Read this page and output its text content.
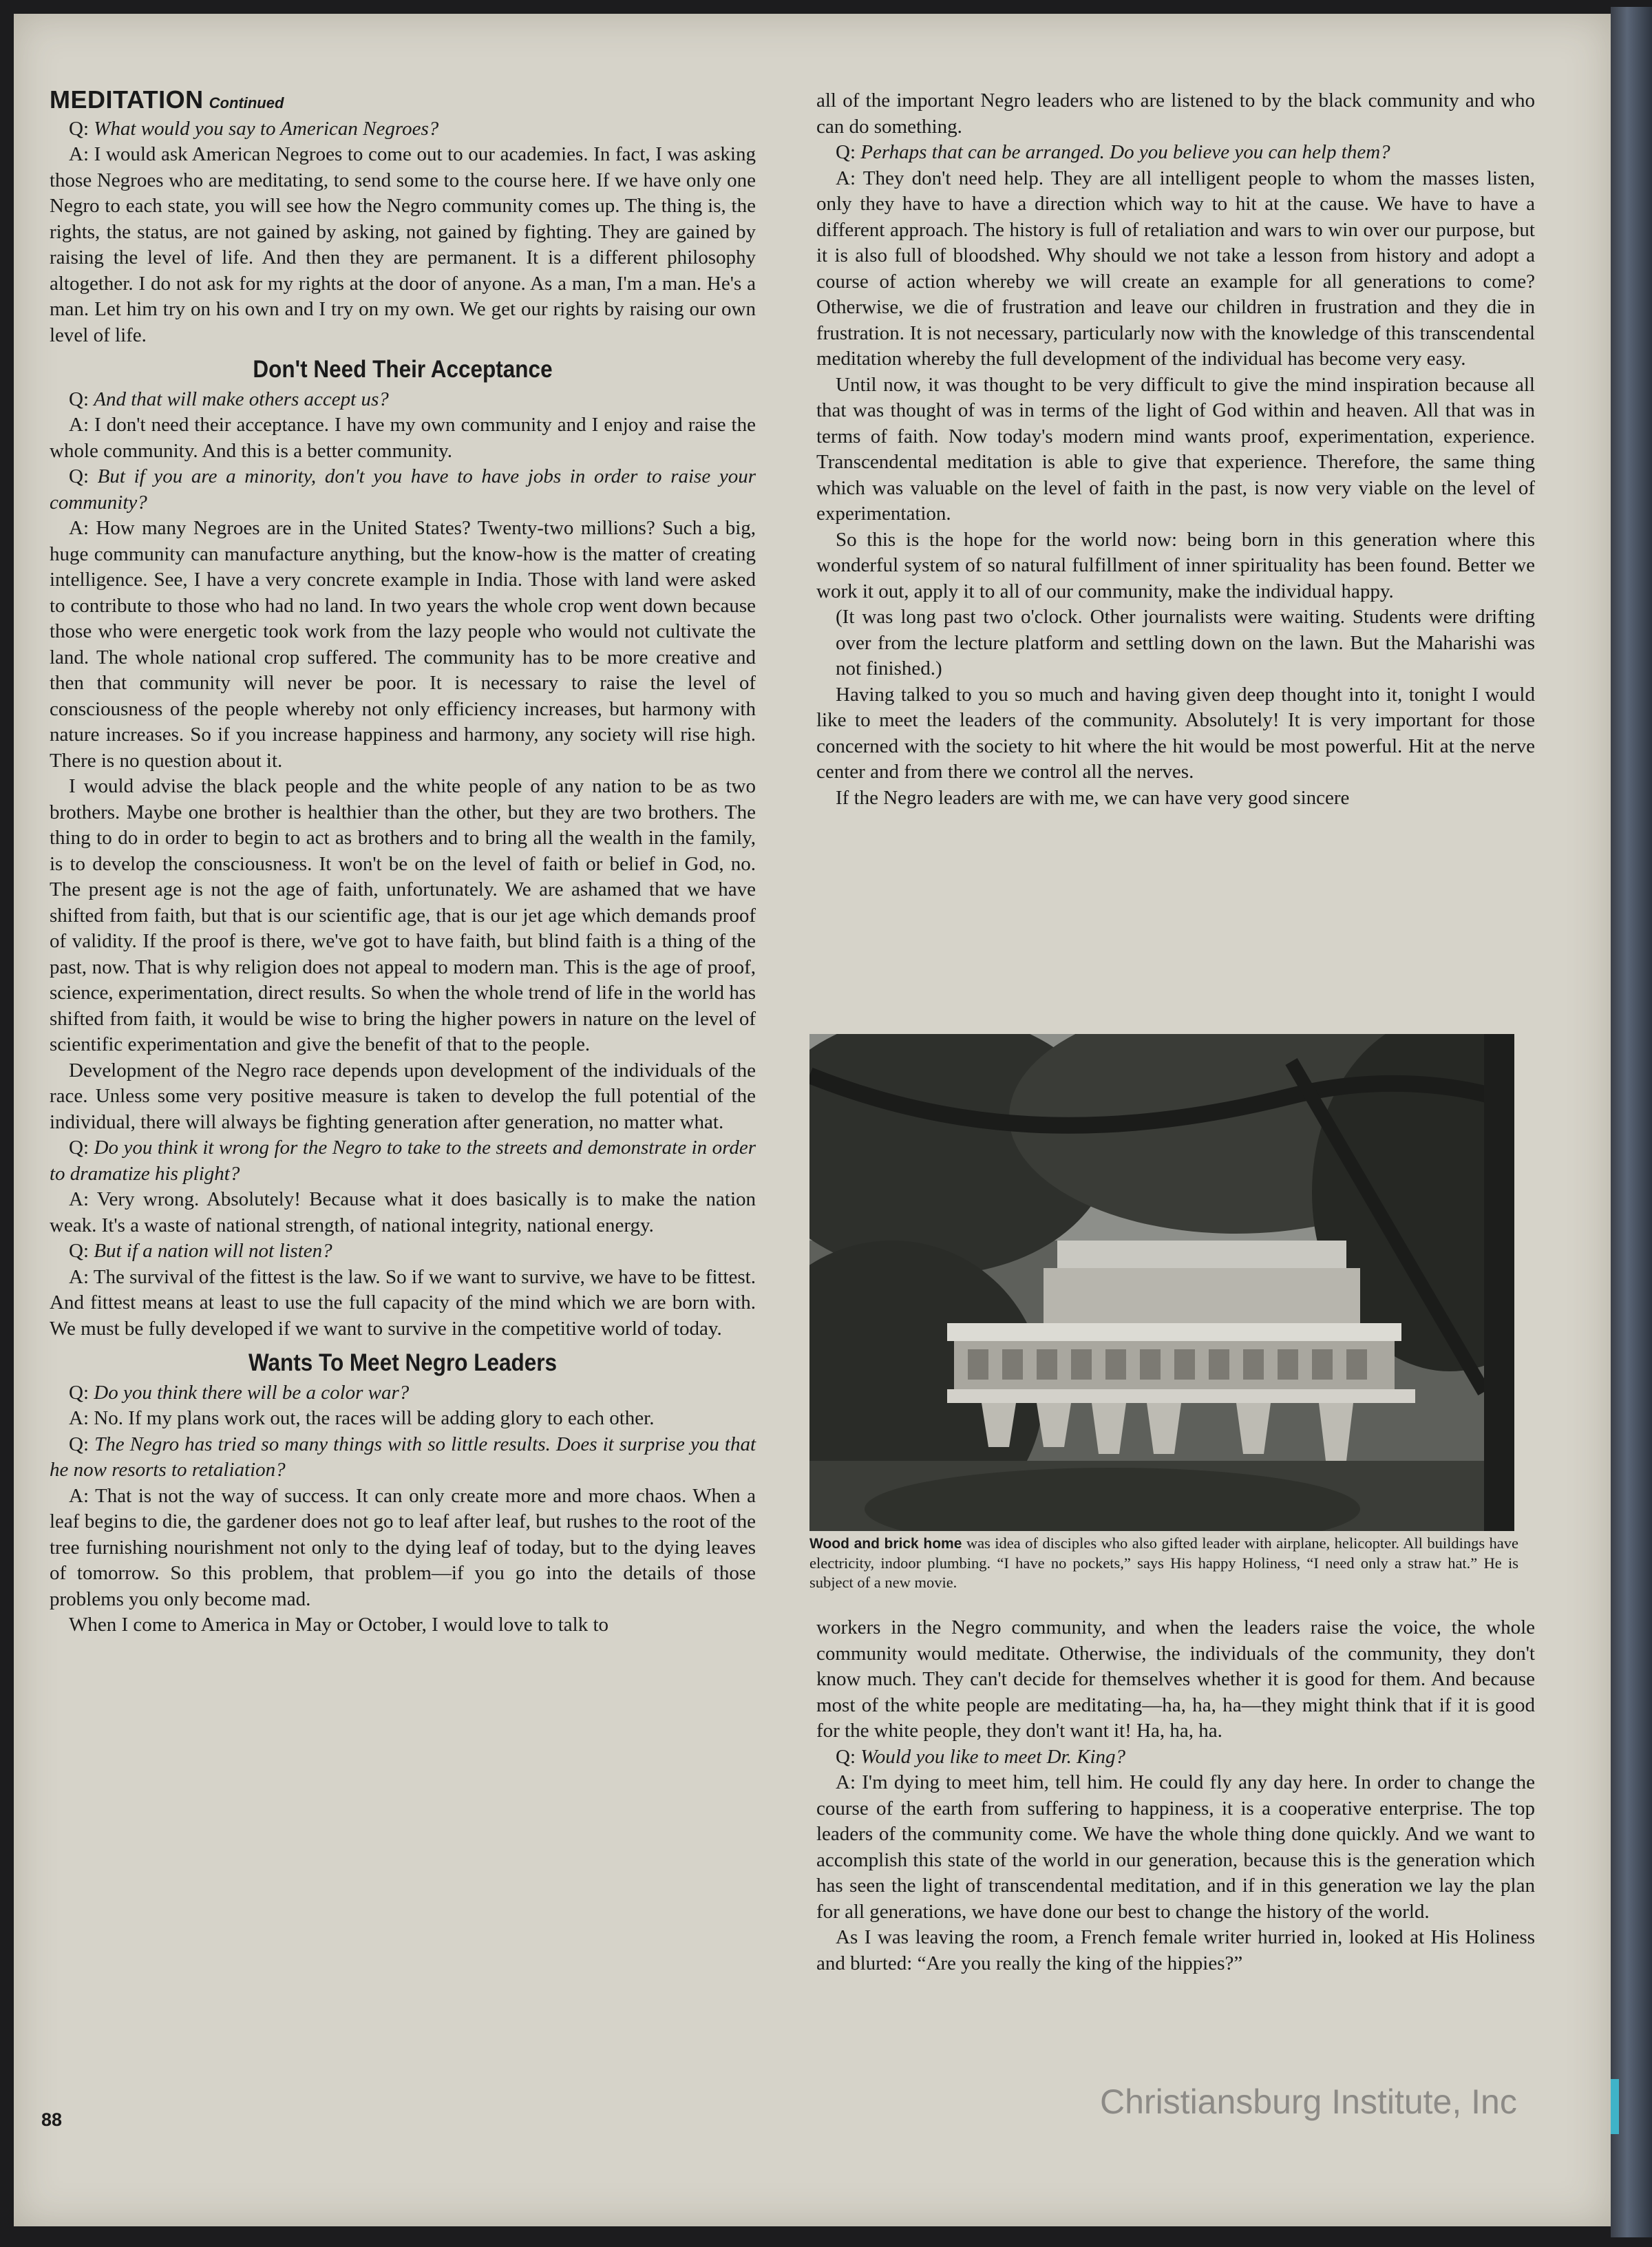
MEDITATION Continued

Q: What would you say to American Negroes?

A: I would ask American Negroes to come out to our academies. In fact, I was asking those Negroes who are meditating, to send some to the course here. If we have only one Negro to each state, you will see how the Negro community comes up. The thing is, the rights, the status, are not gained by asking, not gained by fighting. They are gained by raising the level of life. And then they are permanent. It is a different philosophy altogether. I do not ask for my rights at the door of anyone. As a man, I'm a man. He's a man. Let him try on his own and I try on my own. We get our rights by raising our own level of life.

Don't Need Their Acceptance

Q: And that will make others accept us?

A: I don't need their acceptance. I have my own community and I enjoy and raise the whole community. And this is a better community.

Q: But if you are a minority, don't you have to have jobs in order to raise your community?

A: How many Negroes are in the United States? Twenty-two millions? Such a big, huge community can manufacture anything, but the know-how is the matter of creating intelligence. See, I have a very concrete example in India. Those with land were asked to contribute to those who had no land. In two years the whole crop went down because those who were energetic took work from the lazy people who would not cultivate the land. The whole national crop suffered. The community has to be more creative and then that community will never be poor. It is necessary to raise the level of consciousness of the people whereby not only efficiency increases, but harmony with nature increases. So if you increase happiness and harmony, any society will rise high. There is no question about it.

I would advise the black people and the white people of any nation to be as two brothers. Maybe one brother is healthier than the other, but they are two brothers. The thing to do in order to begin to act as brothers and to bring all the wealth in the family, is to develop the consciousness. It won't be on the level of faith or belief in God, no. The present age is not the age of faith, unfortunately. We are ashamed that we have shifted from faith, but that is our scientific age, that is our jet age which demands proof of validity. If the proof is there, we've got to have faith, but blind faith is a thing of the past, now. That is why religion does not appeal to modern man. This is the age of proof, science, experimentation, direct results. So when the whole trend of life in the world has shifted from faith, it would be wise to bring the higher powers in nature on the level of scientific experimentation and give the benefit of that to the people.

Development of the Negro race depends upon development of the individuals of the race. Unless some very positive measure is taken to develop the full potential of the individual, there will always be fighting generation after generation, no matter what.

Q: Do you think it wrong for the Negro to take to the streets and demonstrate in order to dramatize his plight?

A: Very wrong. Absolutely! Because what it does basically is to make the nation weak. It's a waste of national strength, of national integrity, national energy.

Q: But if a nation will not listen?

A: The survival of the fittest is the law. So if we want to survive, we have to be fittest. And fittest means at least to use the full capacity of the mind which we are born with. We must be fully developed if we want to survive in the competitive world of today.

Wants To Meet Negro Leaders

Q: Do you think there will be a color war?

A: No. If my plans work out, the races will be adding glory to each other.

Q: The Negro has tried so many things with so little results. Does it surprise you that he now resorts to retaliation?

A: That is not the way of success. It can only create more and more chaos. When a leaf begins to die, the gardener does not go to leaf after leaf, but rushes to the root of the tree furnishing nourishment not only to the dying leaf of today, but to the dying leaves of tomorrow. So this problem, that problem—if you go into the details of those problems you only become mad.

When I come to America in May or October, I would love to talk to

all of the important Negro leaders who are listened to by the black community and who can do something.

Q: Perhaps that can be arranged. Do you believe you can help them?

A: They don't need help. They are all intelligent people to whom the masses listen, only they have to have a direction which way to hit at the cause. We have to have a different approach. The history is full of retaliation and wars to win over our purpose, but it is also full of bloodshed. Why should we not take a lesson from history and adopt a course of action whereby we will create an example for all generations to come? Otherwise, we die of frustration and leave our children in frustration and they die in frustration. It is not necessary, particularly now with the knowledge of this transcendental meditation whereby the full development of the individual has become very easy.

Until now, it was thought to be very difficult to give the mind inspiration because all that was thought of was in terms of the light of God within and heaven. All that was in terms of faith. Now today's modern mind wants proof, experimentation, experience. Transcendental meditation is able to give that experience. Therefore, the same thing which was valuable on the level of faith in the past, is now very viable on the level of experimentation.

So this is the hope for the world now: being born in this generation where this wonderful system of so natural fulfillment of inner spirituality has been found. Better we work it out, apply it to all of our community, make the individual happy.

(It was long past two o'clock. Other journalists were waiting. Students were drifting over from the lecture platform and settling down on the lawn. But the Maharishi was not finished.)

Having talked to you so much and having given deep thought into it, tonight I would like to meet the leaders of the community. Absolutely! It is very important for those concerned with the society to hit where the hit would be most powerful. Hit at the nerve center and from there we control all the nerves.

If the Negro leaders are with me, we can have very good sincere

Wood and brick home was idea of disciples who also gifted leader with airplane, helicopter. All buildings have electricity, indoor plumbing. “I have no pockets,” says His happy Holiness, “I need only a straw hat.” He is subject of a new movie.

workers in the Negro community, and when the leaders raise the voice, the whole community would meditate. Otherwise, the individuals of the community, they don't know much. They can't decide for themselves whether it is good for them. And because most of the white people are meditating—ha, ha, ha—they might think that if it is good for the white people, they don't want it! Ha, ha, ha.

Q: Would you like to meet Dr. King?

A: I'm dying to meet him, tell him. He could fly any day here. In order to change the course of the earth from suffering to happiness, it is a cooperative enterprise. The top leaders of the community come. We have the whole thing done quickly. And we want to accomplish this state of the world in our generation, because this is the generation which has seen the light of transcendental meditation, and if in this generation we lay the plan for all generations, we have done our best to change the history of the world.

As I was leaving the room, a French female writer hurried in, looked at His Holiness and blurted: “Are you really the king of the hippies?”

88	Christiansburg Institute, Inc
